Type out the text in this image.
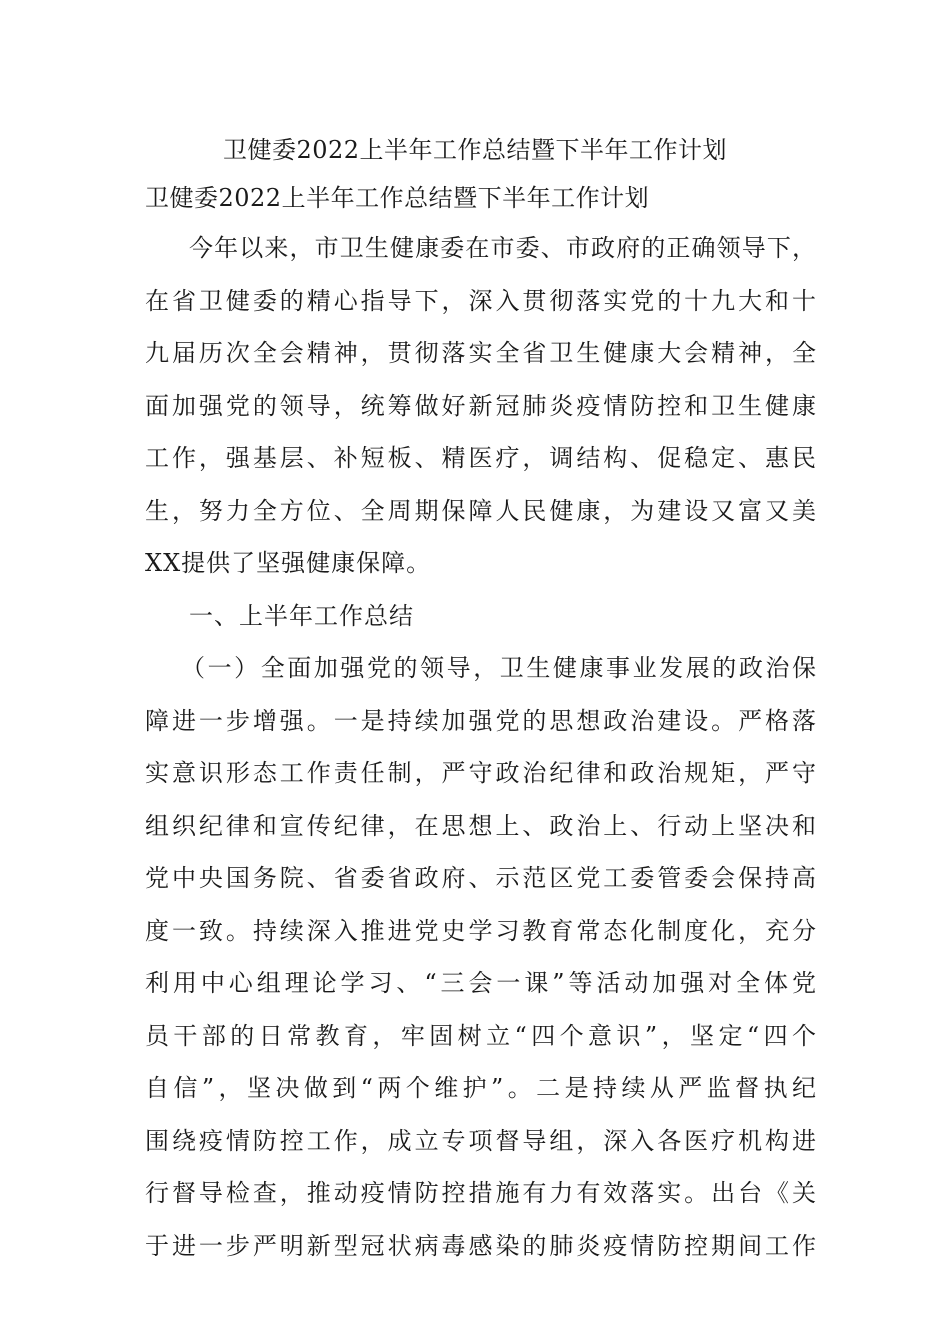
卫健委2022上半年工作总结暨下半年工作计划
卫健委2022上半年工作总结暨下半年工作计划
今年以来，市卫生健康委在市委、市政府的正确领导下，
在省卫健委的精心指导下，深入贯彻落实党的十九大和十
九届历次全会精神，贯彻落实全省卫生健康大会精神，全
面加强党的领导，统筹做好新冠肺炎疫情防控和卫生健康
工作，强基层、补短板、精医疗，调结构、促稳定、惠民
生，努力全方位、全周期保障人民健康，为建设又富又美
XX提供了坚强健康保障。
一、上半年工作总结
（一）全面加强党的领导，卫生健康事业发展的政治保
障进一步增强。一是持续加强党的思想政治建设。严格落
实意识形态工作责任制，严守政治纪律和政治规矩，严守
组织纪律和宣传纪律，在思想上、政治上、行动上坚决和
党中央国务院、省委省政府、示范区党工委管委会保持高
度一致。持续深入推进党史学习教育常态化制度化，充分
利用中心组理论学习、“三会一课”等活动加强对全体党
员干部的日常教育，牢固树立“四个意识”，坚定“四个
自信”，坚决做到“两个维护”。二是持续从严监督执纪
围绕疫情防控工作，成立专项督导组，深入各医疗机构进
行督导检查，推动疫情防控措施有力有效落实。出台《关
于进一步严明新型冠状病毒感染的肺炎疫情防控期间工作
